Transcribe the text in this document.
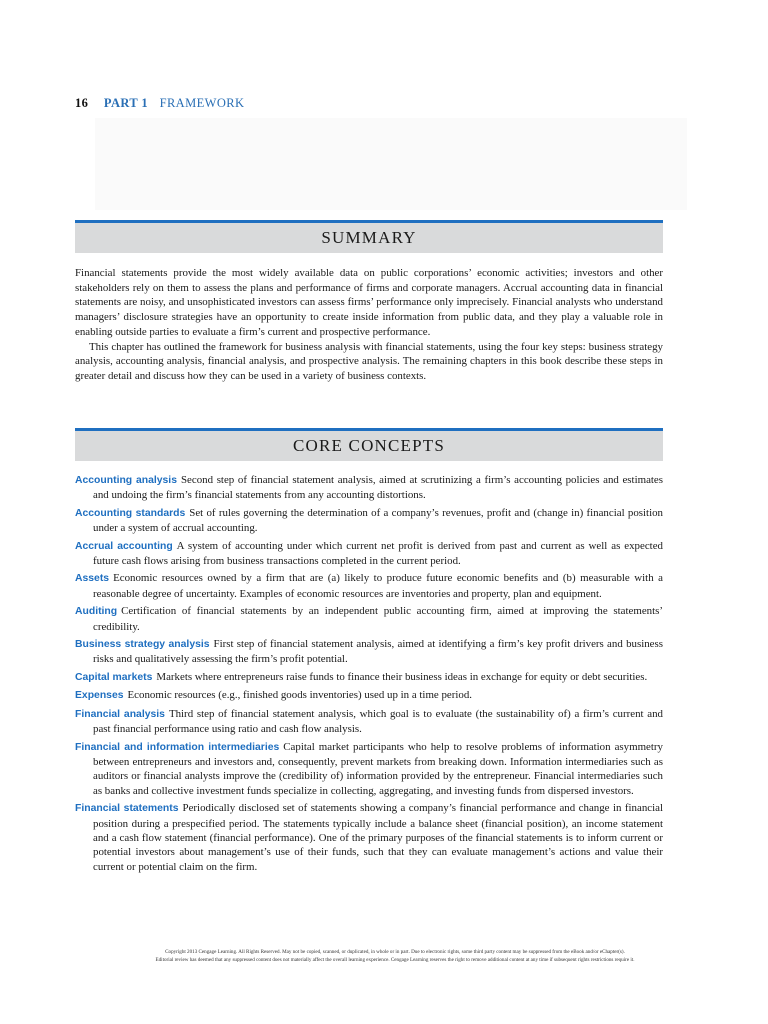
16 PART 1 FRAMEWORK
SUMMARY

Financial statements provide the most widely available data on public corporations’ economic activities; investors and other stakeholders rely on them to assess the plans and performance of firms and corporate managers. Accrual accounting data in financial statements are noisy, and unsophisticated investors can assess firms’ performance only imprecisely. Financial analysts who understand managers’ disclosure strategies have an opportunity to create inside information from public data, and they play a valuable role in enabling outside parties to evaluate a firm’s current and prospective performance.

This chapter has outlined the framework for business analysis with financial statements, using the four key steps: business strategy analysis, accounting analysis, financial analysis, and prospective analysis. The remaining chapters in this book describe these steps in greater detail and discuss how they can be used in a variety of business contexts.

CORE CONCEPTS

Accounting analysis Second step of financial statement analysis, aimed at scrutinizing a firm’s accounting policies and estimates and undoing the firm’s financial statements from any accounting distortions.

Accounting standards Set of rules governing the determination of a company’s revenues, profit and (change in) financial position under a system of accrual accounting.

Accrual accounting A system of accounting under which current net profit is derived from past and current as well as expected future cash flows arising from business transactions completed in the current period.

Assets Economic resources owned by a firm that are (a) likely to produce future economic benefits and (b) measurable with a reasonable degree of uncertainty. Examples of economic resources are inventories and property, plan and equipment.

Auditing Certification of financial statements by an independent public accounting firm, aimed at improving the statements’ credibility.

Business strategy analysis First step of financial statement analysis, aimed at identifying a firm’s key profit drivers and business risks and qualitatively assessing the firm’s profit potential.

Capital markets Markets where entrepreneurs raise funds to finance their business ideas in exchange for equity or debt securities.

Expenses Economic resources (e.g., finished goods inventories) used up in a time period.

Financial analysis Third step of financial statement analysis, which goal is to evaluate (the sustainability of) a firm’s current and past financial performance using ratio and cash flow analysis.

Financial and information intermediaries Capital market participants who help to resolve problems of information asymmetry between entrepreneurs and investors and, consequently, prevent markets from breaking down. Information intermediaries such as auditors or financial analysts improve the (credibility of) information provided by the entrepreneur. Financial intermediaries such as banks and collective investment funds specialize in collecting, aggregating, and investing funds from dispersed investors.

Financial statements Periodically disclosed set of statements showing a company’s financial performance and change in financial position during a prespecified period. The statements typically include a balance sheet (financial position), an income statement and a cash flow statement (financial performance). One of the primary purposes of the financial statements is to inform current or potential investors about management’s use of their funds, such that they can evaluate management’s actions and value their current or potential claim on the firm.

Copyright 2013 Cengage Learning. All Rights Reserved. May not be copied, scanned, or duplicated, in whole or in part. Due to electronic rights, some third party content may be suppressed from the eBook and/or eChapter(s).
Editorial review has deemed that any suppressed content does not materially affect the overall learning experience. Cengage Learning reserves the right to remove additional content at any time if subsequent rights restrictions require it.
